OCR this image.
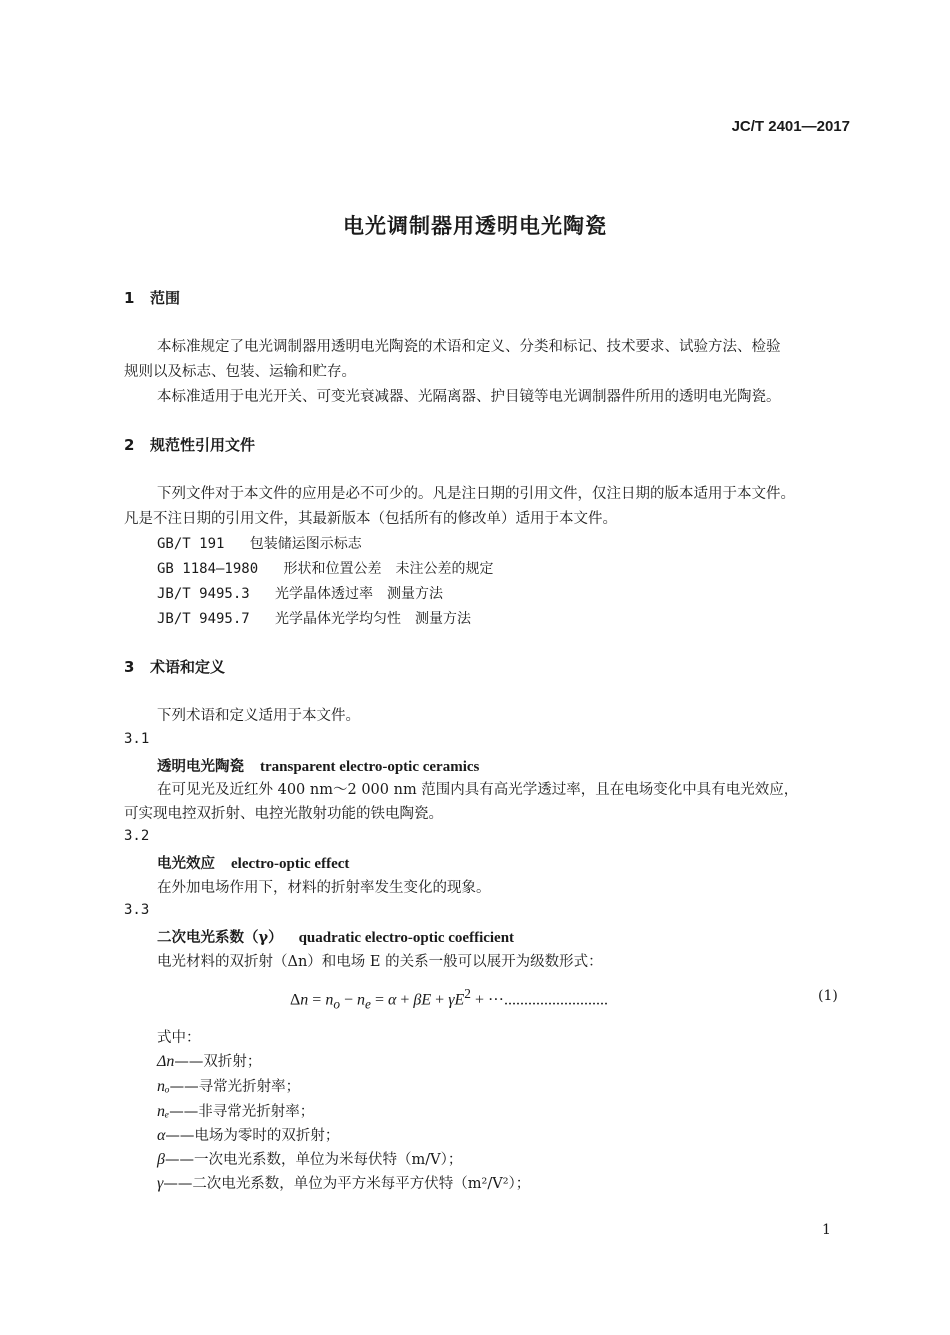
JC/T 2401—2017
电光调制器用透明电光陶瓷
1 范围
本标准规定了电光调制器用透明电光陶瓷的术语和定义、分类和标记、技术要求、试验方法、检验
规则以及标志、包装、运输和贮存。
本标准适用于电光开关、可变光衰减器、光隔离器、护目镜等电光调制器件所用的透明电光陶瓷。
2 规范性引用文件
下列文件对于本文件的应用是必不可少的。凡是注日期的引用文件，仅注日期的版本适用于本文件。
凡是不注日期的引用文件，其最新版本（包括所有的修改单）适用于本文件。
GB/T 191 包装储运图示标志
GB 1184—1980 形状和位置公差　未注公差的规定
JB/T 9495.3 光学晶体透过率　测量方法
JB/T 9495.7 光学晶体光学均匀性　测量方法
3 术语和定义
下列术语和定义适用于本文件。
3.1
透明电光陶瓷 transparent electro-optic ceramics
在可见光及近红外 400 nm～2 000 nm 范围内具有高光学透过率，且在电场变化中具有电光效应，
可实现电控双折射、电控光散射功能的铁电陶瓷。
3.2
电光效应 electro-optic effect
在外加电场作用下，材料的折射率发生变化的现象。
3.3
二次电光系数（γ） quadratic electro-optic coefficient
电光材料的双折射（Δn）和电场 E 的关系一般可以展开为级数形式：
$\Delta n = n_o - n_e = \alpha + \beta E + \gamma E^2$ + ···..........................	(1)
式中：
Δn——双折射；
nₒ——寻常光折射率；
nₑ——非寻常光折射率；
α——电场为零时的双折射；
β——一次电光系数，单位为米每伏特（m/V）；
γ——二次电光系数，单位为平方米每平方伏特（m²/V²）；
1
